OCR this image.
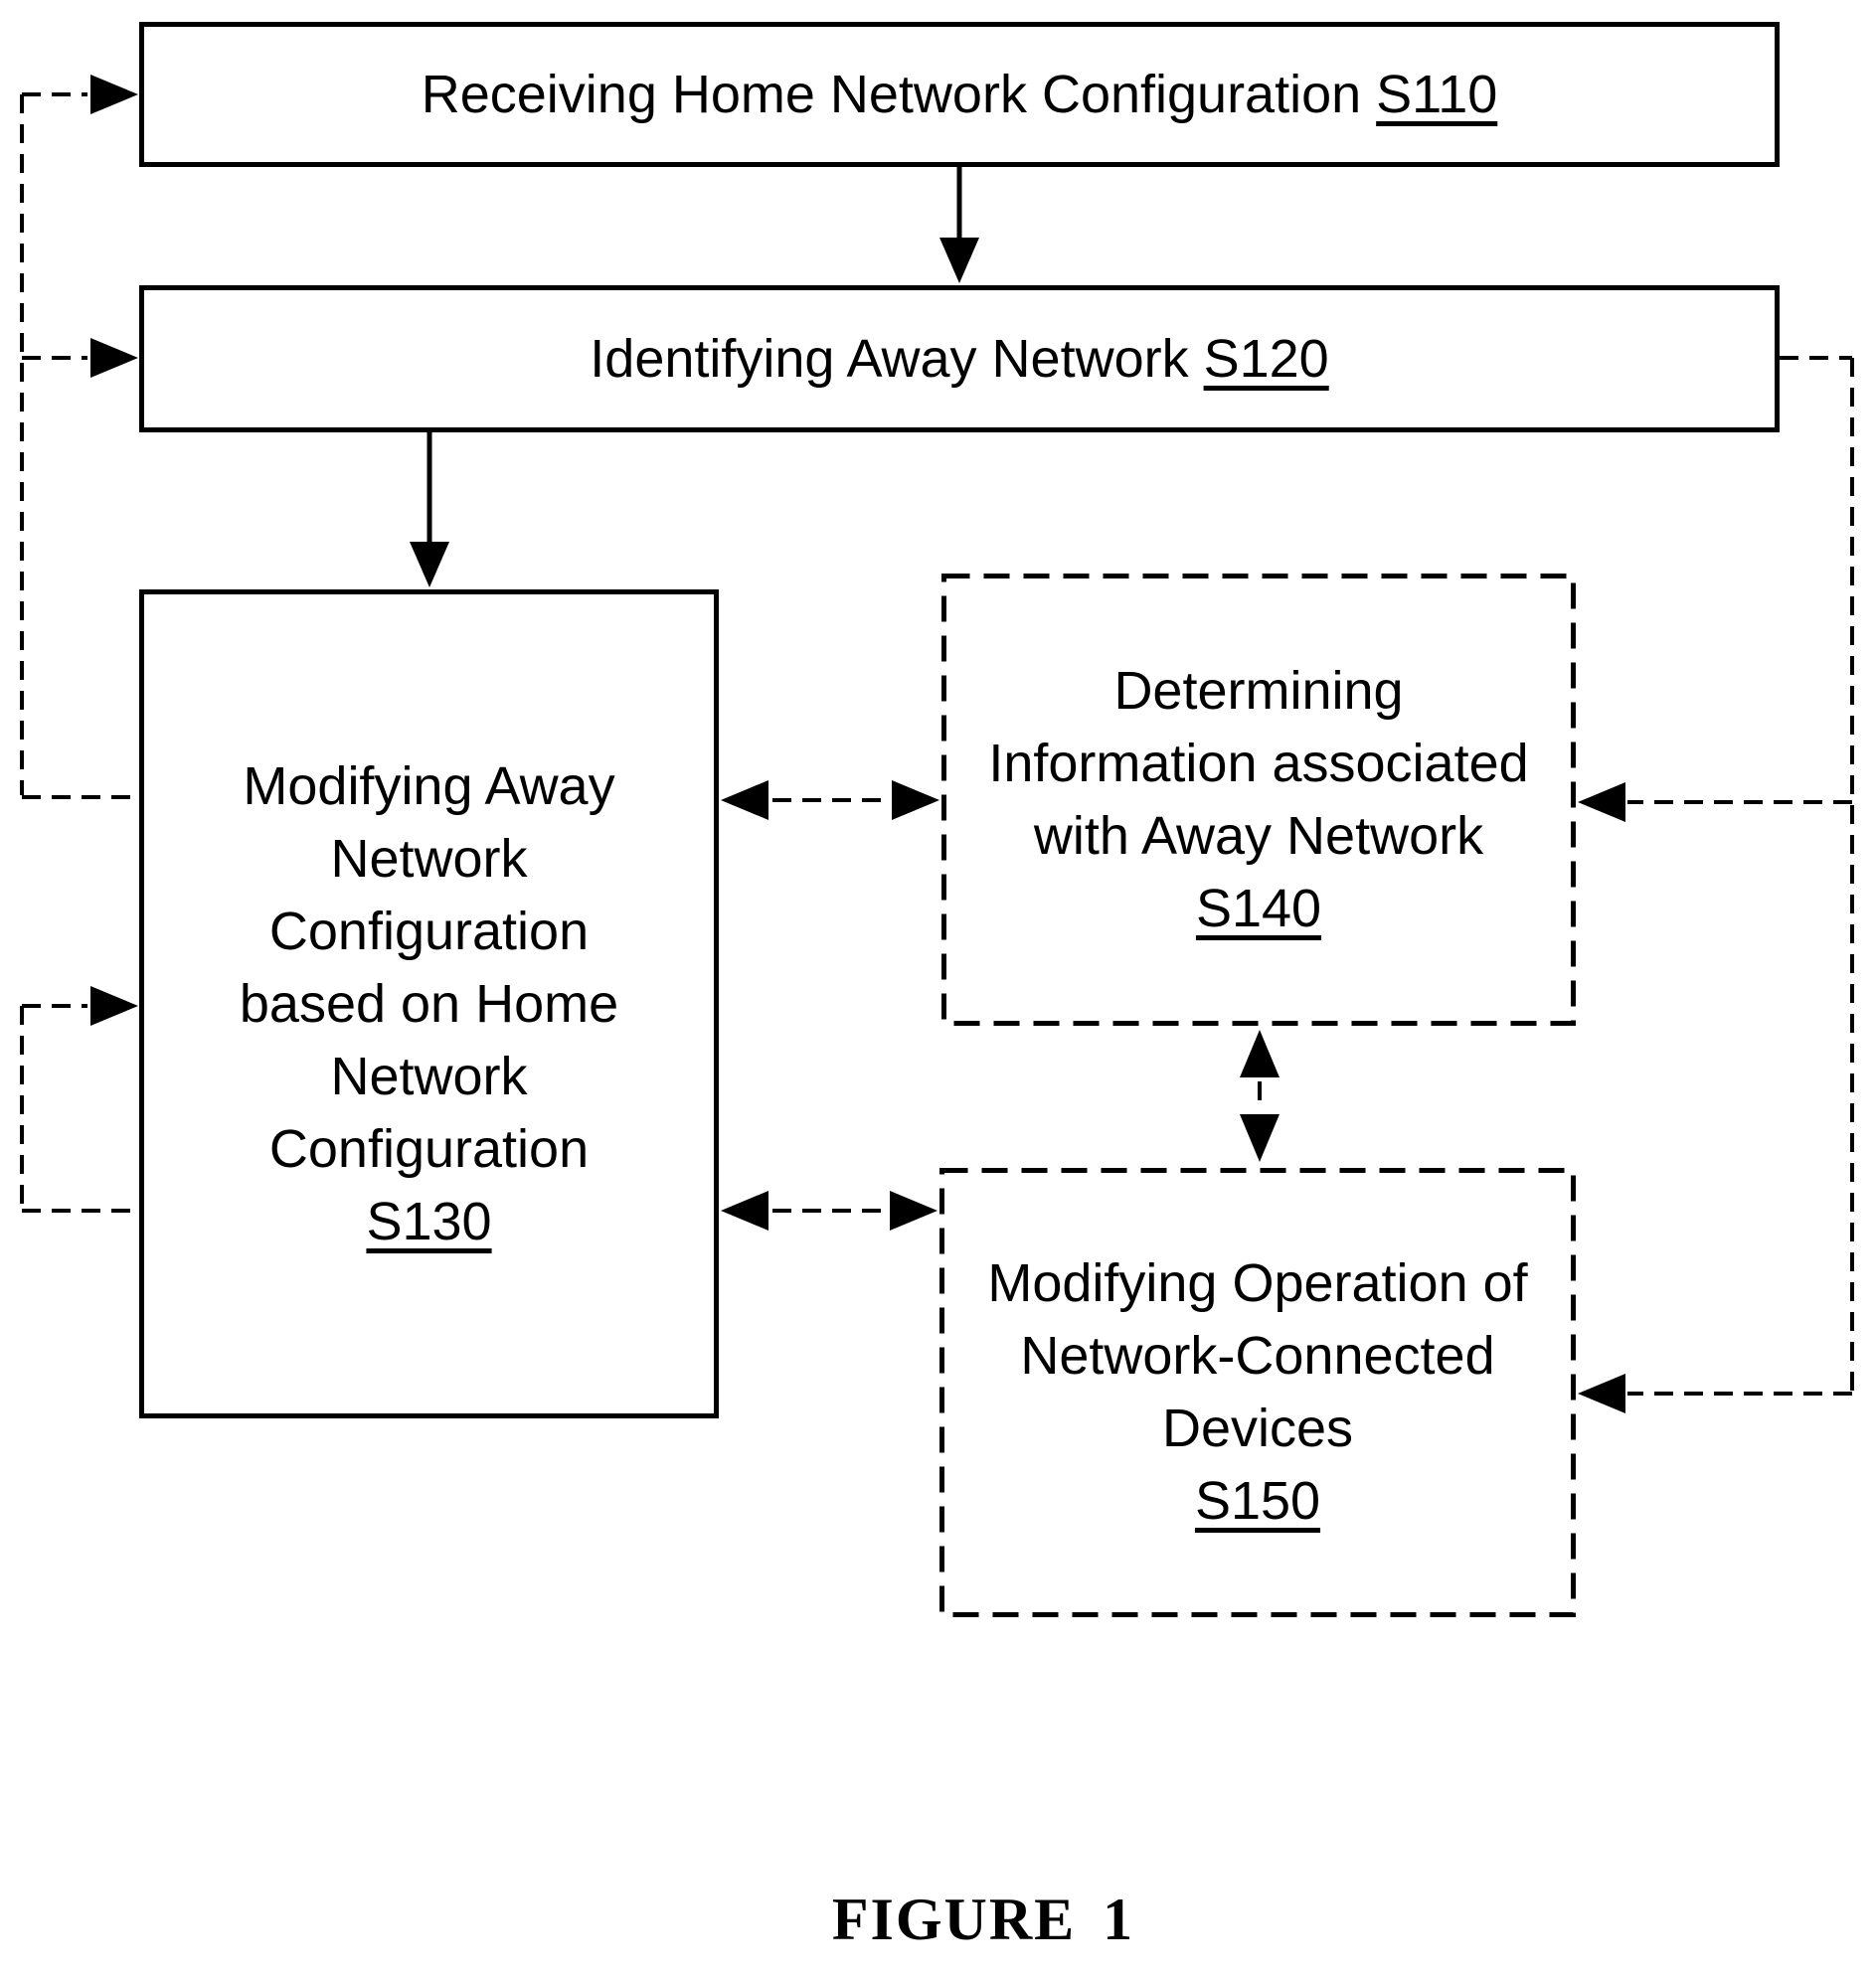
Receiving Home Network Configuration S110
Identifying Away Network S120
Modifying Away
Network
Configuration
based on Home
Network
Configuration
S130
Determining
Information associated
with Away Network
S140
Modifying Operation of
Network-Connected
Devices
S150
FIGURE 1
